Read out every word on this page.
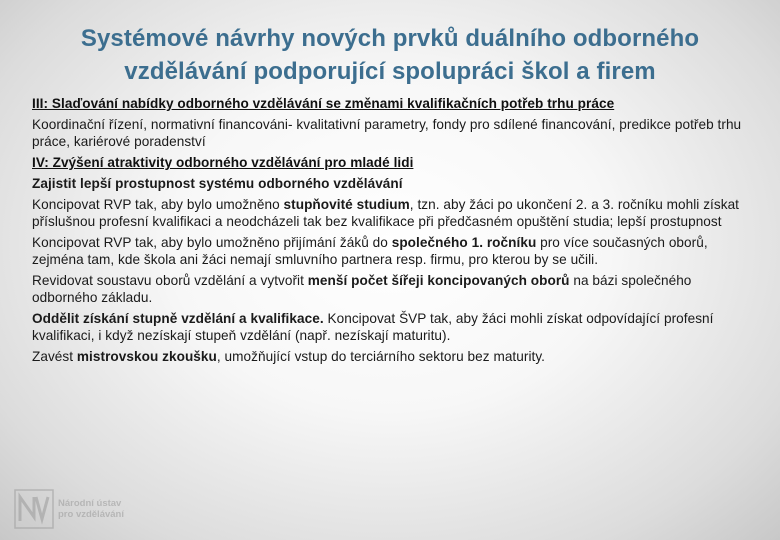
Systémové návrhy nových prvků duálního odborného
vzdělávání podporující spolupráci škol a firem
III: Slaďování nabídky odborného vzdělávání se změnami kvalifikačních potřeb trhu práce
Koordinační řízení, normativní financováni- kvalitativní parametry, fondy pro sdílené financování, predikce potřeb trhu práce, kariérové poradenství
IV: Zvýšení atraktivity odborného vzdělávání pro mladé lidi
Zajistit lepší prostupnost systému odborného vzdělávání
Koncipovat RVP tak, aby bylo umožněno stupňovité studium, tzn. aby žáci po ukončení 2. a 3. ročníku mohli získat příslušnou profesní kvalifikaci a neodcházeli tak bez kvalifikace při předčasném opuštění studia; lepší prostupnost
Koncipovat RVP tak, aby bylo umožněno přijímání žáků do společného 1. ročníku pro více současných oborů, zejména tam, kde škola ani žáci nemají smluvního partnera resp. firmu, pro kterou by se učili.
Revidovat soustavu oborů vzdělání a vytvořit menší počet šířeji koncipovaných oborů na bázi společného odborného základu.
Oddělit získání stupně vzdělání a kvalifikace. Koncipovat ŠVP tak, aby žáci mohli získat odpovídající profesní kvalifikaci, i když nezískají stupeň vzdělání (např. nezískají maturitu).
Zavést mistrovskou zkoušku, umožňující vstup do terciárního sektoru bez maturity.
Národní ústav
pro vzdělávání
